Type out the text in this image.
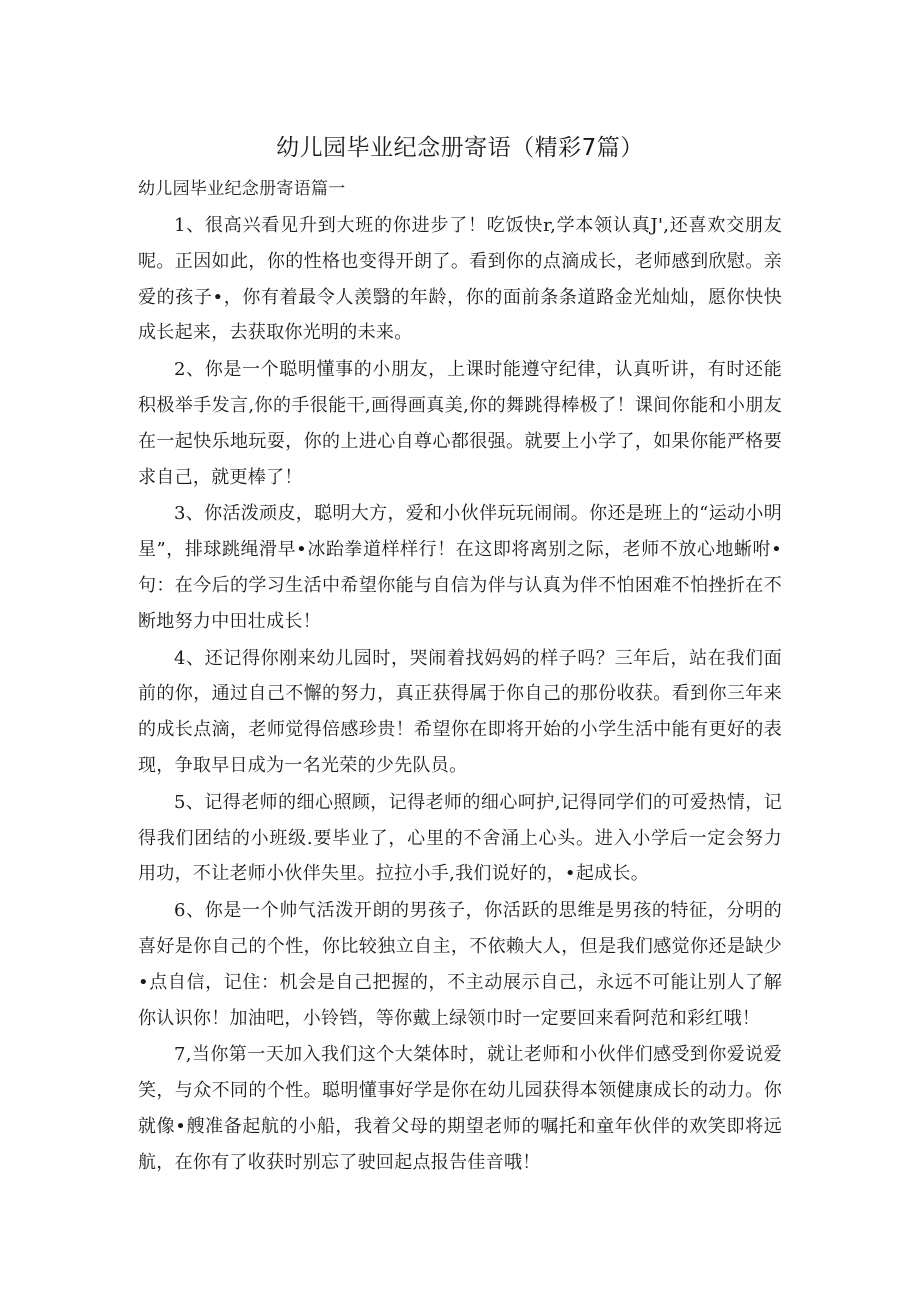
幼儿园毕业纪念册寄语（精彩7篇）
幼儿园毕业纪念册寄语篇一

1、很高兴看见升到大班的你进步了！吃饭快r,学本领认真J',还喜欢交朋友呢。正因如此，你的性格也变得开朗了。看到你的点滴成长，老师感到欣慰。亲爱的孩子•，你有着最令人羡翳的年龄，你的面前条条道路金光灿灿，愿你快快成长起来，去获取你光明的未来。

2、你是一个聪明懂事的小朋友，上课时能遵守纪律，认真听讲，有时还能积极举手发言,你的手很能干,画得画真美,你的舞跳得棒极了！课间你能和小朋友在一起快乐地玩耍，你的上进心自尊心都很强。就要上小学了，如果你能严格要求自己，就更棒了！

3、你活泼顽皮，聪明大方，爱和小伙伴玩玩闹闹。你还是班上的“运动小明星”，排球跳绳滑早•冰跆拳道样样行！在这即将离别之际，老师不放心地蜥咐•句：在今后的学习生活中希望你能与自信为伴与认真为伴不怕困难不怕挫折在不断地努力中田壮成长！

4、还记得你刚来幼儿园时，哭闹着找妈妈的样子吗？三年后，站在我们面前的你，通过自己不懈的努力，真正获得属于你自己的那份收获。看到你三年来的成长点滴，老师觉得倍感珍贵！希望你在即将开始的小学生活中能有更好的表现，争取早日成为一名光荣的少先队员。

5、记得老师的细心照顾，记得老师的细心呵护,记得同学们的可爱热情，记得我们团结的小班级.要毕业了，心里的不舍涌上心头。进入小学后一定会努力用功，不让老师小伙伴失里。拉拉小手,我们说好的，•起成长。

6、你是一个帅气活泼开朗的男孩子，你活跃的思维是男孩的特征，分明的喜好是你自己的个性，你比较独立自主，不依赖大人，但是我们感觉你还是缺少•点自信，记住：机会是自己把握的，不主动展示自己，永远不可能让别人了解你认识你！加油吧，小铃铛，等你戴上绿领巾时一定要回来看阿范和彩红哦！

7,当你第一天加入我们这个大桀体时，就让老师和小伙伴们感受到你爱说爱笑，与众不同的个性。聪明懂事好学是你在幼儿园获得本领健康成长的动力。你就像•艘准备起航的小船，我着父母的期望老师的嘱托和童年伙伴的欢笑即将远航，在你有了收获时别忘了驶回起点报告佳音哦！
